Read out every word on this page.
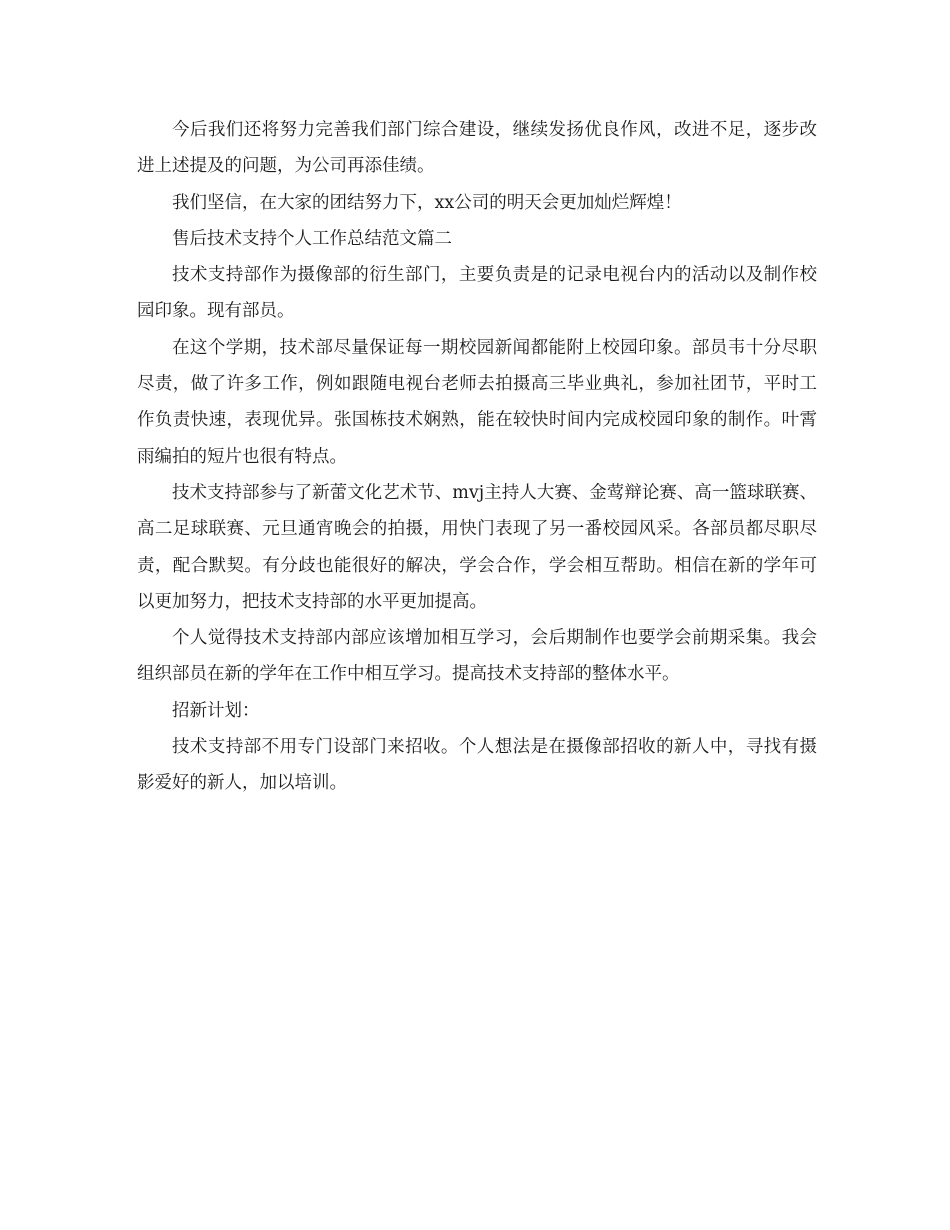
今后我们还将努力完善我们部门综合建设，继续发扬优良作风，改进不足，逐步改进上述提及的问题，为公司再添佳绩。

我们坚信，在大家的团结努力下，xx公司的明天会更加灿烂辉煌！

售后技术支持个人工作总结范文篇二

技术支持部作为摄像部的衍生部门，主要负责是的记录电视台内的活动以及制作校园印象。现有部员。

在这个学期，技术部尽量保证每一期校园新闻都能附上校园印象。部员韦十分尽职尽责，做了许多工作，例如跟随电视台老师去拍摄高三毕业典礼，参加社团节，平时工作负责快速，表现优异。张国栋技术娴熟，能在较快时间内完成校园印象的制作。叶霄雨编拍的短片也很有特点。

技术支持部参与了新蕾文化艺术节、mvj主持人大赛、金莺辩论赛、高一篮球联赛、高二足球联赛、元旦通宵晚会的拍摄，用快门表现了另一番校园风采。各部员都尽职尽责，配合默契。有分歧也能很好的解决，学会合作，学会相互帮助。相信在新的学年可以更加努力，把技术支持部的水平更加提高。

个人觉得技术支持部内部应该增加相互学习，会后期制作也要学会前期采集。我会组织部员在新的学年在工作中相互学习。提高技术支持部的整体水平。

招新计划：

技术支持部不用专门设部门来招收。个人想法是在摄像部招收的新人中，寻找有摄影爱好的新人，加以培训。
